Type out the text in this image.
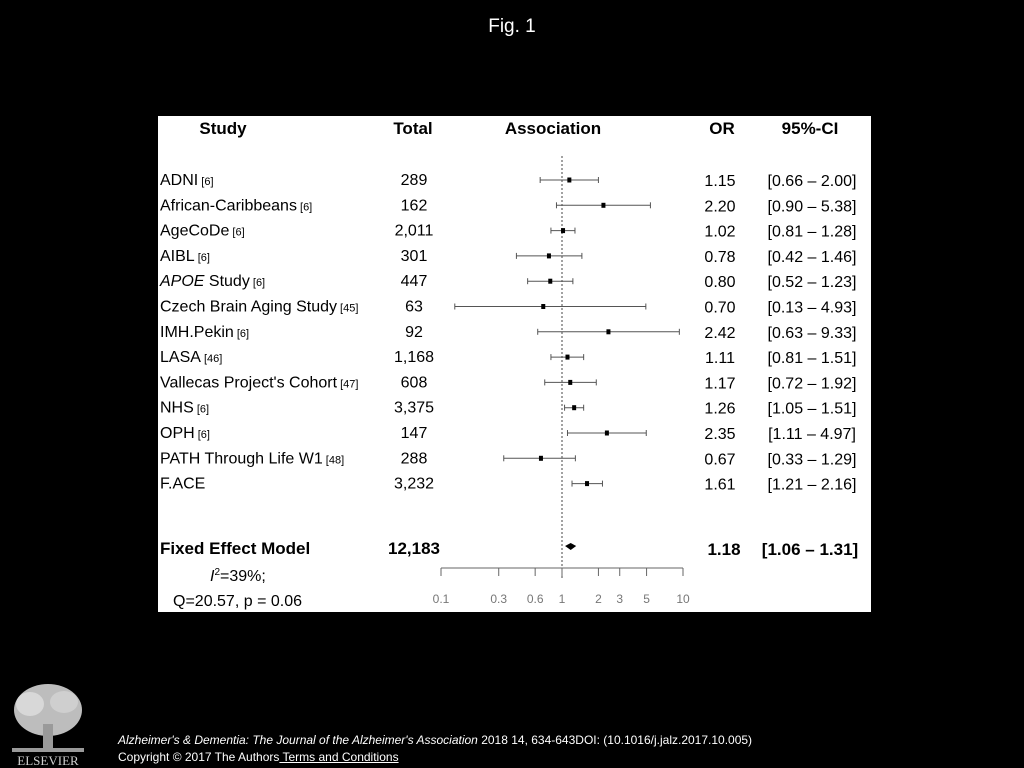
Fig. 1
Study	Total	Association	OR	95%-CI
ADNI [6]	289	1.15 [0.66 – 2.00]
African-Caribbeans [6]	162	2.20 [0.90 – 5.38]
AgeCoDe [6]	2,011	1.02 [0.81 – 1.28]
AIBL [6]	301	0.78 [0.42 – 1.46]
APOE Study [6]	447	0.80 [0.52 – 1.23]
Czech Brain Aging Study [45]	63	0.70 [0.13 – 4.93]
IMH.Pekin [6]	92	2.42 [0.63 – 9.33]
LASA [46]	1,168	1.11 [0.81 – 1.51]
Vallecas Project's Cohort [47]	608	1.17 [0.72 – 1.92]
NHS [6]	3,375	1.26 [1.05 – 1.51]
OPH [6]	147	2.35 [1.11 – 4.97]
PATH Through Life W1 [48]	288	0.67 [0.33 – 1.29]
F.ACE	3,232	1.61 [1.21 – 2.16]
Fixed Effect Model	12,183	1.18 [1.06 – 1.31]
$I^2=39\%$;
Q=20.57, p = 0.06	0.1	0.3 0.6 1 2 3 5 10
ELSEVIER
Alzheimer's & Dementia: The Journal of the Alzheimer's Association 2018 14, 634-643DOI: (10.1016/j.jalz.2017.10.005)
Copyright © 2017 The Authors Terms and Conditions
